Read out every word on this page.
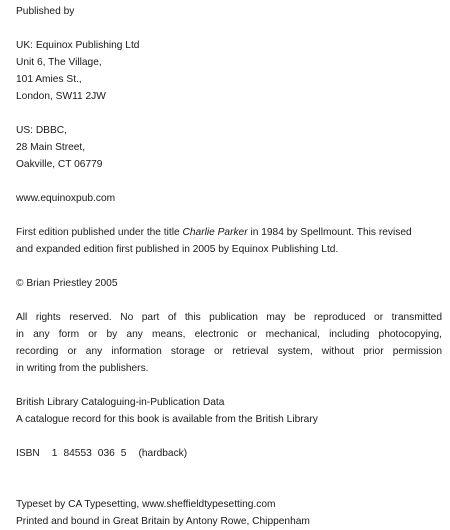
Published by
UK: Equinox Publishing Ltd
Unit 6, The Village,
101 Amies St.,
London, SW11 2JW
US: DBBC,
28 Main Street,
Oakville, CT 06779
www.equinoxpub.com
First edition published under the title Charlie Parker in 1984 by Spellmount. This revised
and expanded edition first published in 2005 by Equinox Publishing Ltd.
© Brian Priestley 2005
All rights reserved. No part of this publication may be reproduced or transmitted
in any form or by any means, electronic or mechanical, including photocopying,
recording or any information storage or retrieval system, without prior permission
in writing from the publishers.
British Library Cataloguing-in-Publication Data
A catalogue record for this book is available from the British Library
ISBN 1 84553 036 5 (hardback)
Typeset by CA Typesetting, www.sheffieldtypesetting.com
Printed and bound in Great Britain by Antony Rowe, Chippenham
